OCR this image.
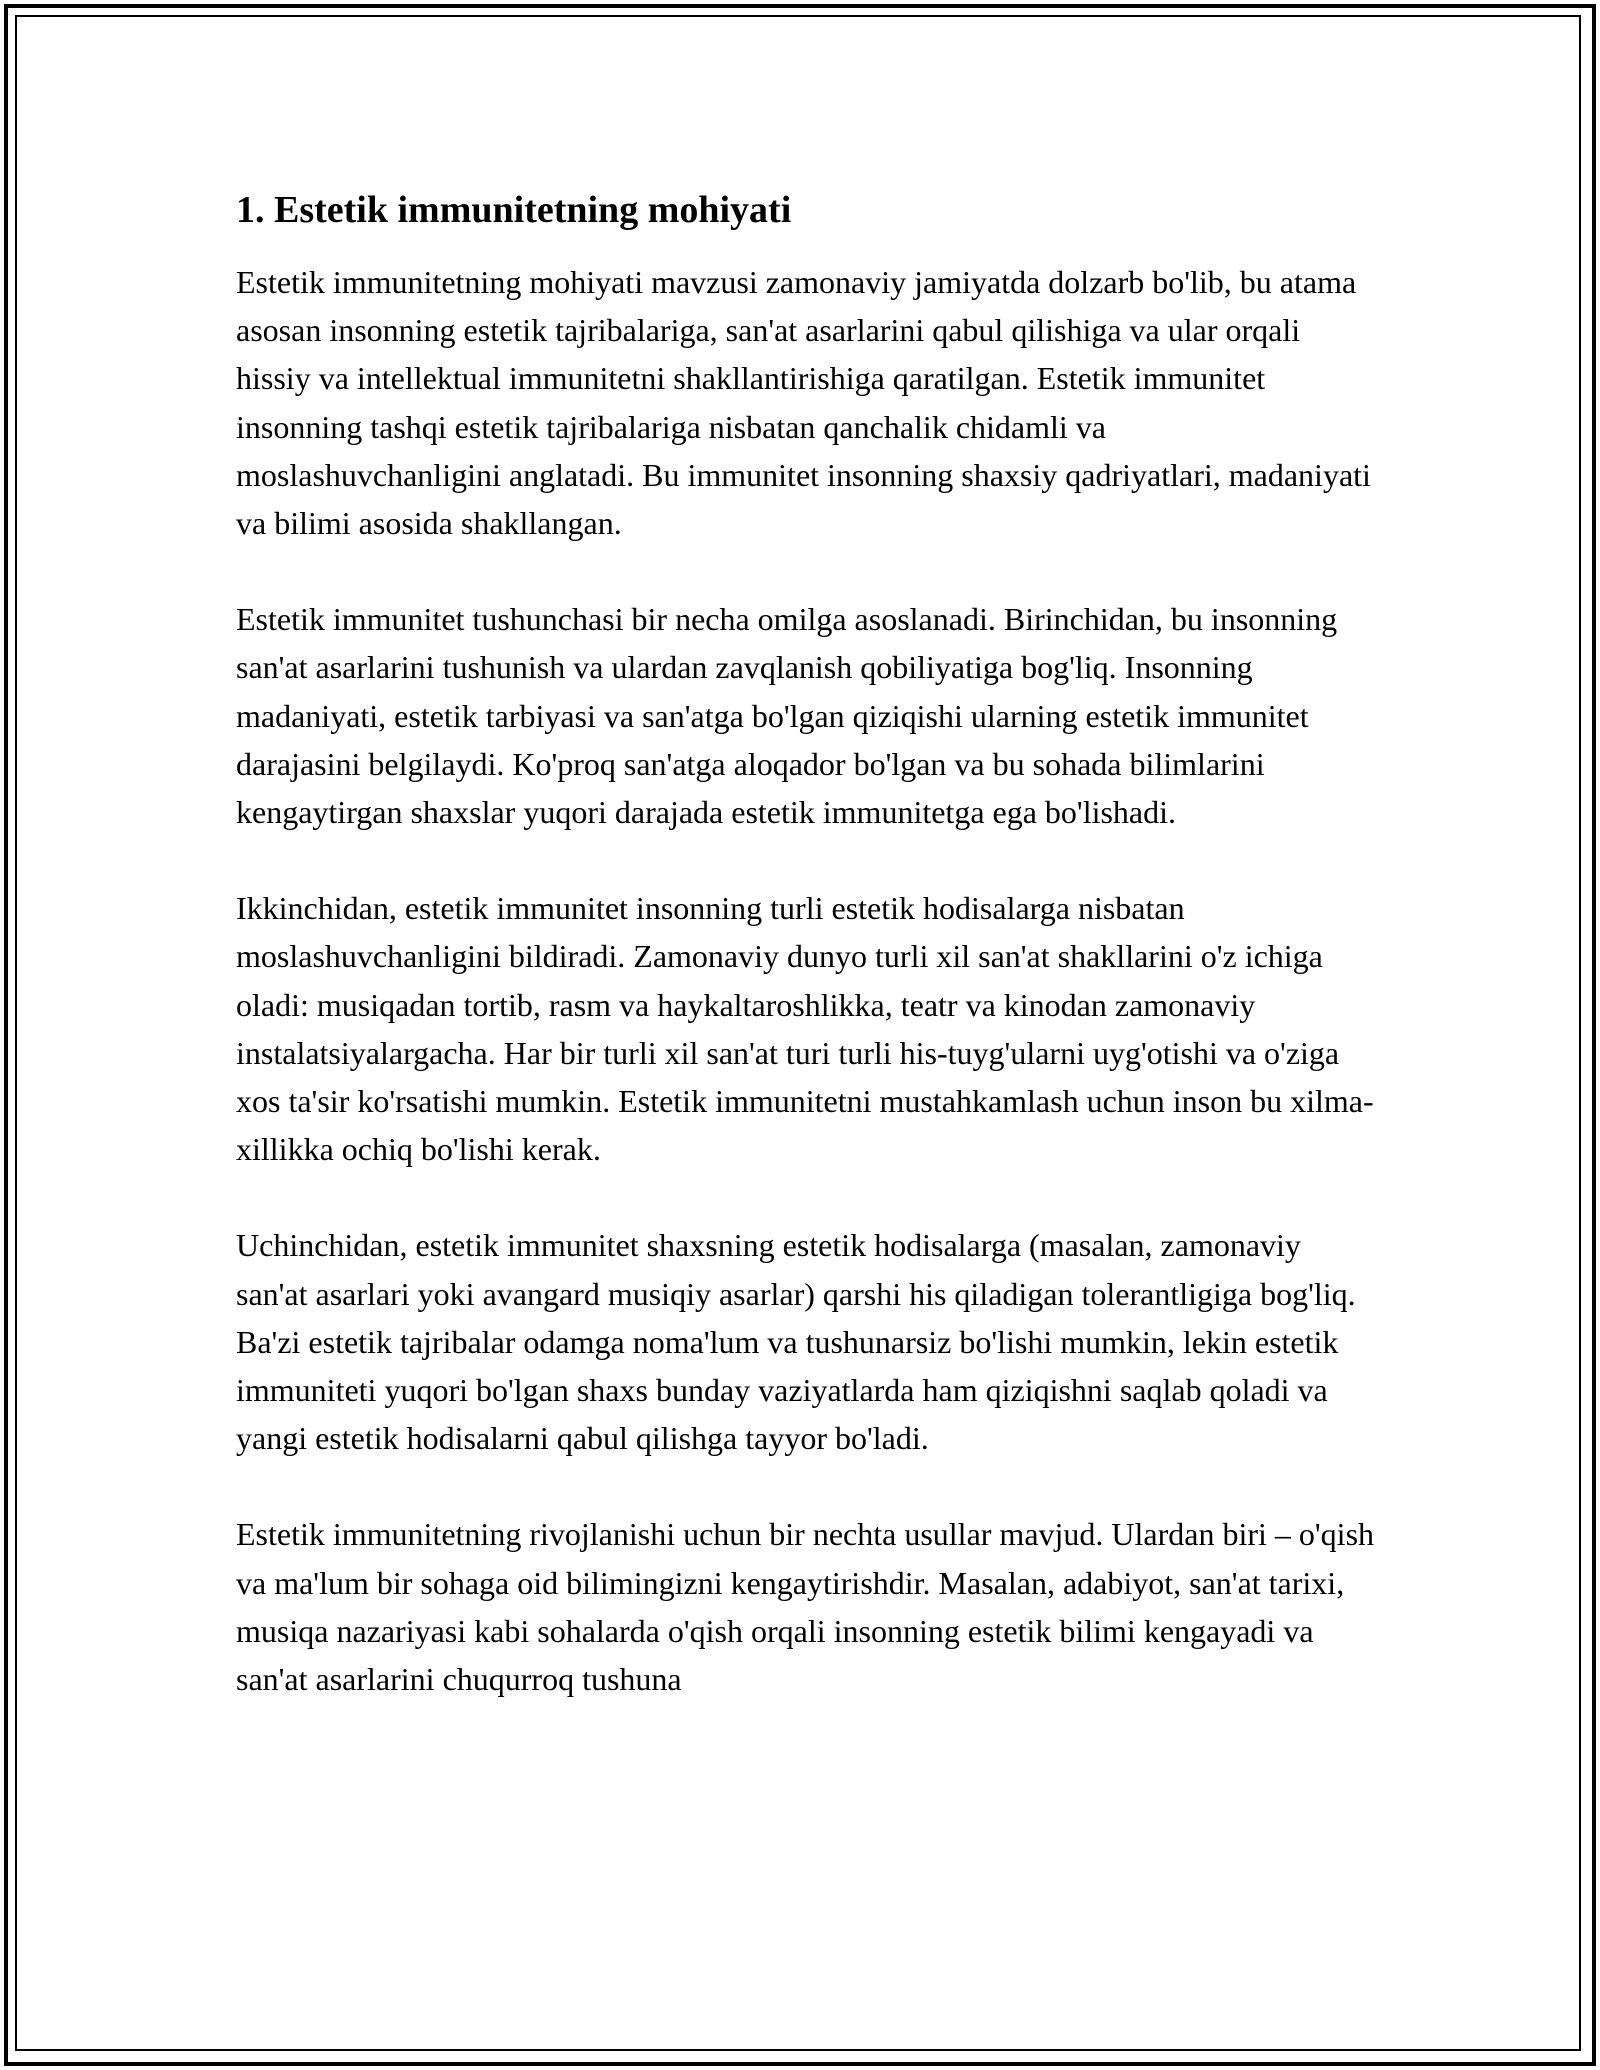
1. Estetik immunitetning mohiyati

Estetik immunitetning mohiyati mavzusi zamonaviy jamiyatda dolzarb bo'lib, bu atama asosan insonning estetik tajribalariga, san'at asarlarini qabul qilishiga va ular orqali hissiy va intellektual immunitetni shakllantirishiga qaratilgan. Estetik immunitet insonning tashqi estetik tajribalariga nisbatan qanchalik chidamli va moslashuvchanligini anglatadi. Bu immunitet insonning shaxsiy qadriyatlari, madaniyati va bilimi asosida shakllangan.

Estetik immunitet tushunchasi bir necha omilga asoslanadi. Birinchidan, bu insonning san'at asarlarini tushunish va ulardan zavqlanish qobiliyatiga bog'liq. Insonning madaniyati, estetik tarbiyasi va san'atga bo'lgan qiziqishi ularning estetik immunitet darajasini belgilaydi. Ko'proq san'atga aloqador bo'lgan va bu sohada bilimlarini kengaytirgan shaxslar yuqori darajada estetik immunitetga ega bo'lishadi.

Ikkinchidan, estetik immunitet insonning turli estetik hodisalarga nisbatan moslashuvchanligini bildiradi. Zamonaviy dunyo turli xil san'at shakllarini o'z ichiga oladi: musiqadan tortib, rasm va haykaltaroshlikka, teatr va kinodan zamonaviy instalatsiyalargacha. Har bir turli xil san'at turi turli his-tuyg'ularni uyg'otishi va o'ziga xos ta'sir ko'rsatishi mumkin. Estetik immunitetni mustahkamlash uchun inson bu xilma-xillikka ochiq bo'lishi kerak.

Uchinchidan, estetik immunitet shaxsning estetik hodisalarga (masalan, zamonaviy san'at asarlari yoki avangard musiqiy asarlar) qarshi his qiladigan tolerantligiga bog'liq. Ba'zi estetik tajribalar odamga noma'lum va tushunarsiz bo'lishi mumkin, lekin estetik immuniteti yuqori bo'lgan shaxs bunday vaziyatlarda ham qiziqishni saqlab qoladi va yangi estetik hodisalarni qabul qilishga tayyor bo'ladi.

Estetik immunitetning rivojlanishi uchun bir nechta usullar mavjud. Ulardan biri – o'qish va ma'lum bir sohaga oid bilimingizni kengaytirishdir. Masalan, adabiyot, san'at tarixi, musiqa nazariyasi kabi sohalarda o'qish orqali insonning estetik bilimi kengayadi va san'at asarlarini chuqurroq tushuna
